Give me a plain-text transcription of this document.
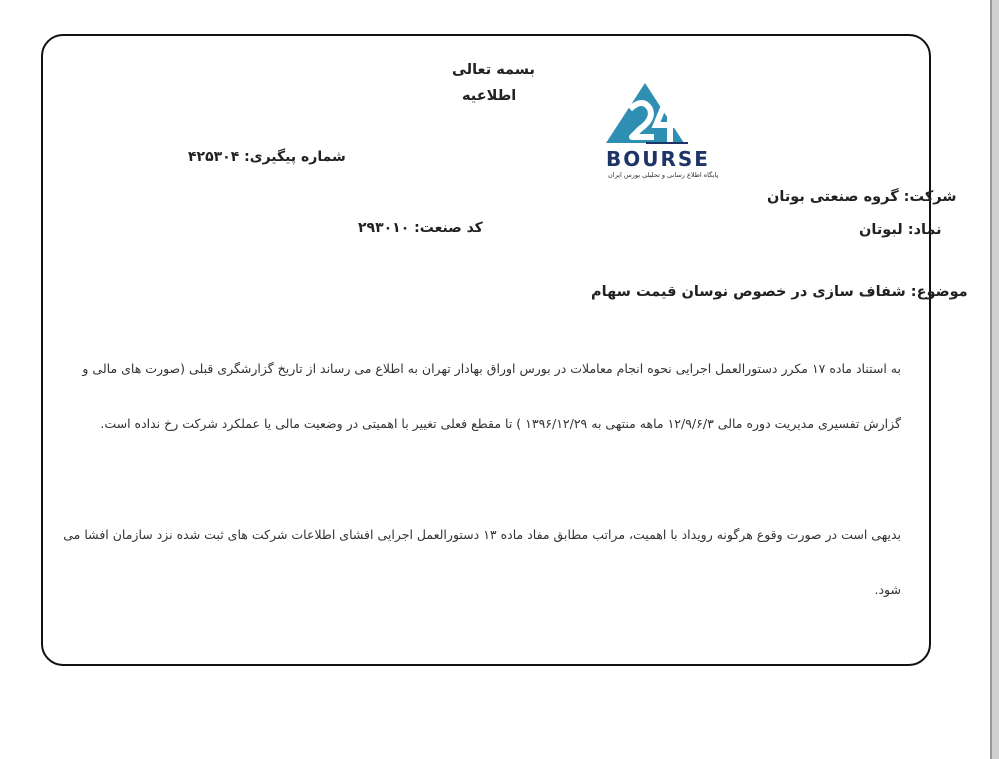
بسمه تعالی
اطلاعیه
BOURSE
پایگاه اطلاع رسانی و تحلیلی بورس ایران
شماره پیگیری: ۴۲۵۳۰۴
شرکت: گروه صنعتی بوتان
کد صنعت: ۲۹۳۰۱۰	نماد: لبوتان
موضوع: شفاف سازی در خصوص نوسان قیمت سهام
به استناد ماده ۱۷ مکرر دستورالعمل اجرایی نحوه انجام معاملات در بورس اوراق بهادار تهران به اطلاع می رساند از تاریخ گزارشگری قبلی (صورت های مالی و
گزارش تفسیری مدیریت دوره مالی ۱۲/۹/۶/۳ ماهه منتهی به ۱۳۹۶/۱۲/۲۹ ) تا مقطع فعلی تغییر با اهمیتی در وضعیت مالی یا عملکرد شرکت رخ نداده است.
بدیهی است در صورت وقوع هرگونه رویداد با اهمیت، مراتب مطابق مفاد ماده ۱۳ دستورالعمل اجرایی افشای اطلاعات شرکت های ثبت شده نزد سازمان افشا می
شود.
